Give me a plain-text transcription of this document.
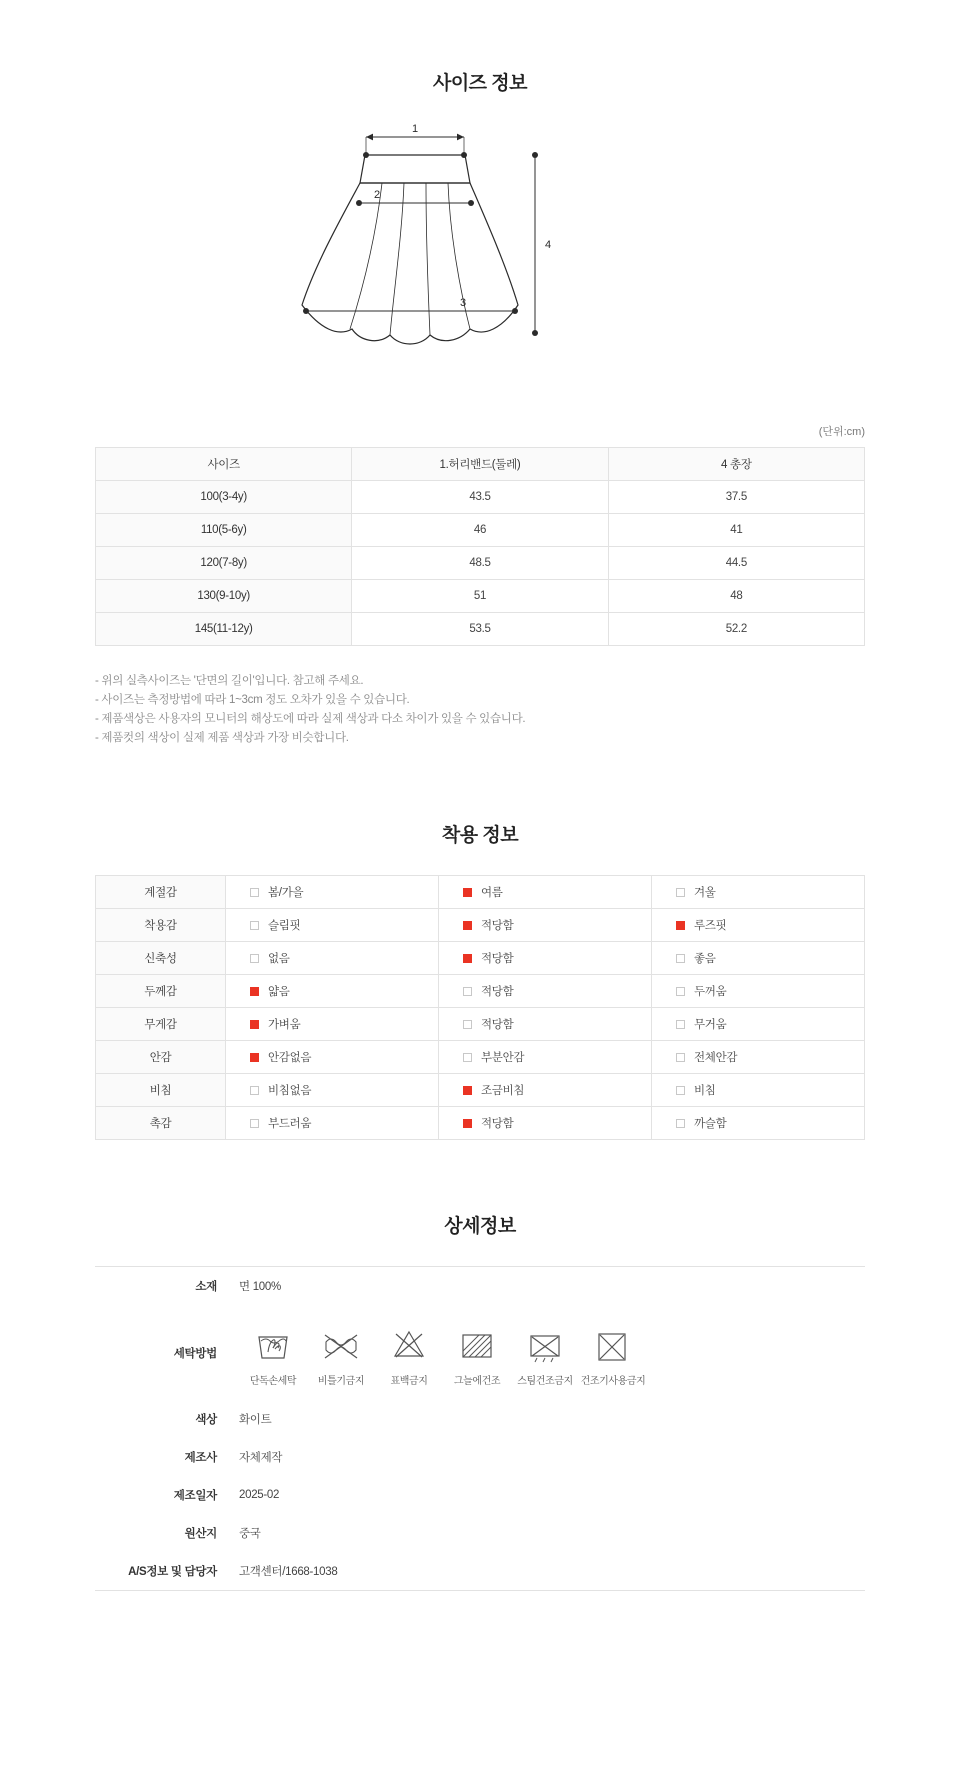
사이즈 정보
1
2
3
4
(단위:cm)
사이즈	1.허리밴드(둘레)	4 총장
100(3-4y)	43.5	37.5
110(5-6y)	46	41
120(7-8y)	48.5	44.5
130(9-10y)	51	48
145(11-12y)	53.5	52.2
- 위의 실측사이즈는 '단면의 길이'입니다. 참고해 주세요.
- 사이즈는 측정방법에 따라 1~3cm 정도 오차가 있을 수 있습니다.
- 제품색상은 사용자의 모니터의 해상도에 따라 실제 색상과 다소 차이가 있을 수 있습니다.
- 제품컷의 색상이 실제 제품 색상과 가장 비슷합니다.
착용 정보
계절감	봄/가을	여름	겨울
착용감	슬림핏	적당함	루즈핏
신축성	없음	적당함	좋음
두께감	얇음	적당함	두꺼움
무게감	가벼움	적당함	무거움
안감	안감없음	부분안감	전체안감
비침	비침없음	조금비침	비침
촉감	부드러움	적당함	까슬함
상세정보
소재	면 100%
세탁방법	
단독손세탁	비틀기금지	표백금지	그늘에건조	스팀건조금지 건조기사용금지

색상	화이트
제조사	자체제작
제조일자	2025-02
원산지	중국
A/S정보 및 담당자	고객센터/1668-1038
